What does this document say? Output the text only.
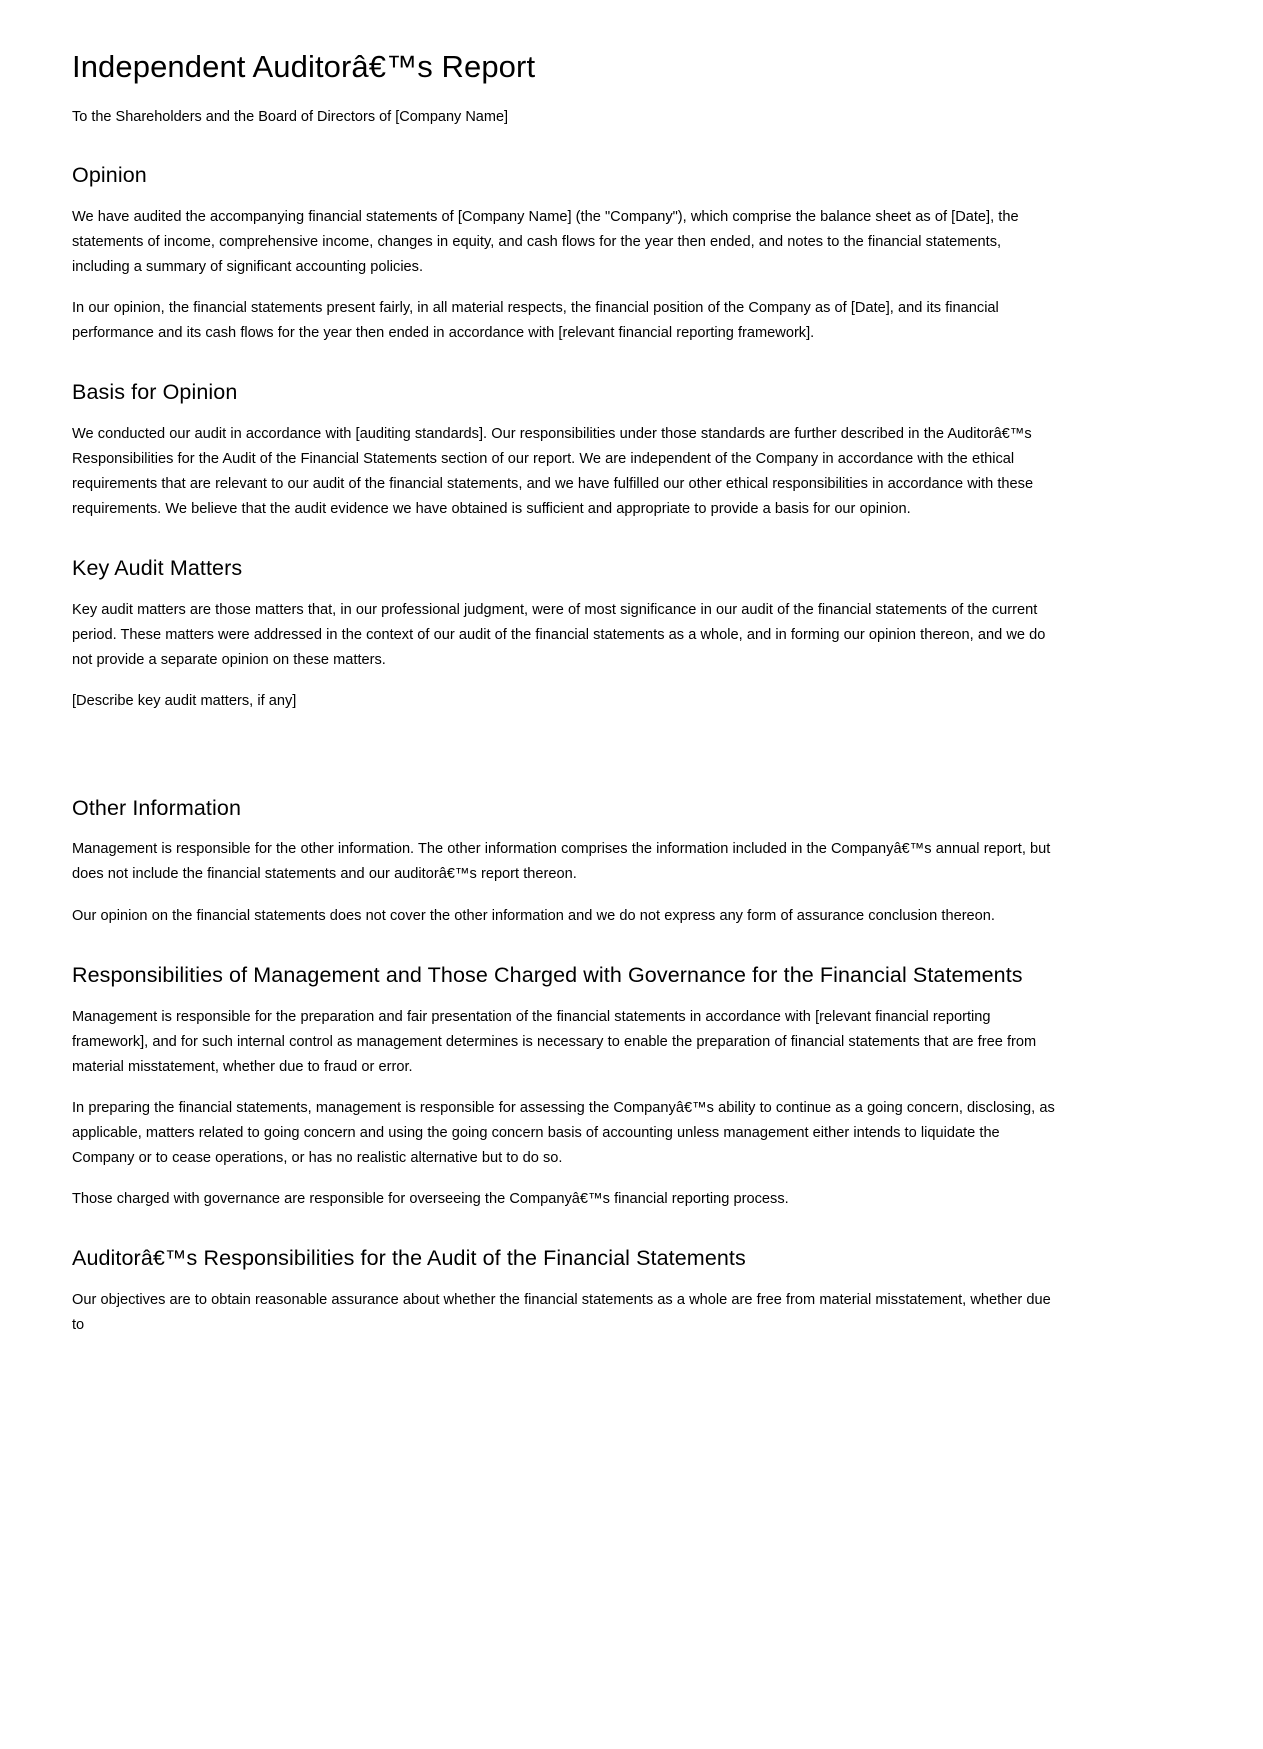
Independent Auditorâ€™s Report

To the Shareholders and the Board of Directors of [Company Name]

Opinion

We have audited the accompanying financial statements of [Company Name] (the "Company"), which comprise the balance sheet as of [Date], the statements of income, comprehensive income, changes in equity, and cash flows for the year then ended, and notes to the financial statements, including a summary of significant accounting policies.

In our opinion, the financial statements present fairly, in all material respects, the financial position of the Company as of [Date], and its financial performance and its cash flows for the year then ended in accordance with [relevant financial reporting framework].

Basis for Opinion

We conducted our audit in accordance with [auditing standards]. Our responsibilities under those standards are further described in the Auditorâ€™s Responsibilities for the Audit of the Financial Statements section of our report. We are independent of the Company in accordance with the ethical requirements that are relevant to our audit of the financial statements, and we have fulfilled our other ethical responsibilities in accordance with these requirements. We believe that the audit evidence we have obtained is sufficient and appropriate to provide a basis for our opinion.

Key Audit Matters

Key audit matters are those matters that, in our professional judgment, were of most significance in our audit of the financial statements of the current period. These matters were addressed in the context of our audit of the financial statements as a whole, and in forming our opinion thereon, and we do not provide a separate opinion on these matters.

[Describe key audit matters, if any]

Other Information

Management is responsible for the other information. The other information comprises the information included in the Companyâ€™s annual report, but does not include the financial statements and our auditorâ€™s report thereon.

Our opinion on the financial statements does not cover the other information and we do not express any form of assurance conclusion thereon.

Responsibilities of Management and Those Charged with Governance for the Financial Statements

Management is responsible for the preparation and fair presentation of the financial statements in accordance with [relevant financial reporting framework], and for such internal control as management determines is necessary to enable the preparation of financial statements that are free from material misstatement, whether due to fraud or error.

In preparing the financial statements, management is responsible for assessing the Companyâ€™s ability to continue as a going concern, disclosing, as applicable, matters related to going concern and using the going concern basis of accounting unless management either intends to liquidate the Company or to cease operations, or has no realistic alternative but to do so.

Those charged with governance are responsible for overseeing the Companyâ€™s financial reporting process.

Auditorâ€™s Responsibilities for the Audit of the Financial Statements

Our objectives are to obtain reasonable assurance about whether the financial statements as a whole are free from material misstatement, whether due to
